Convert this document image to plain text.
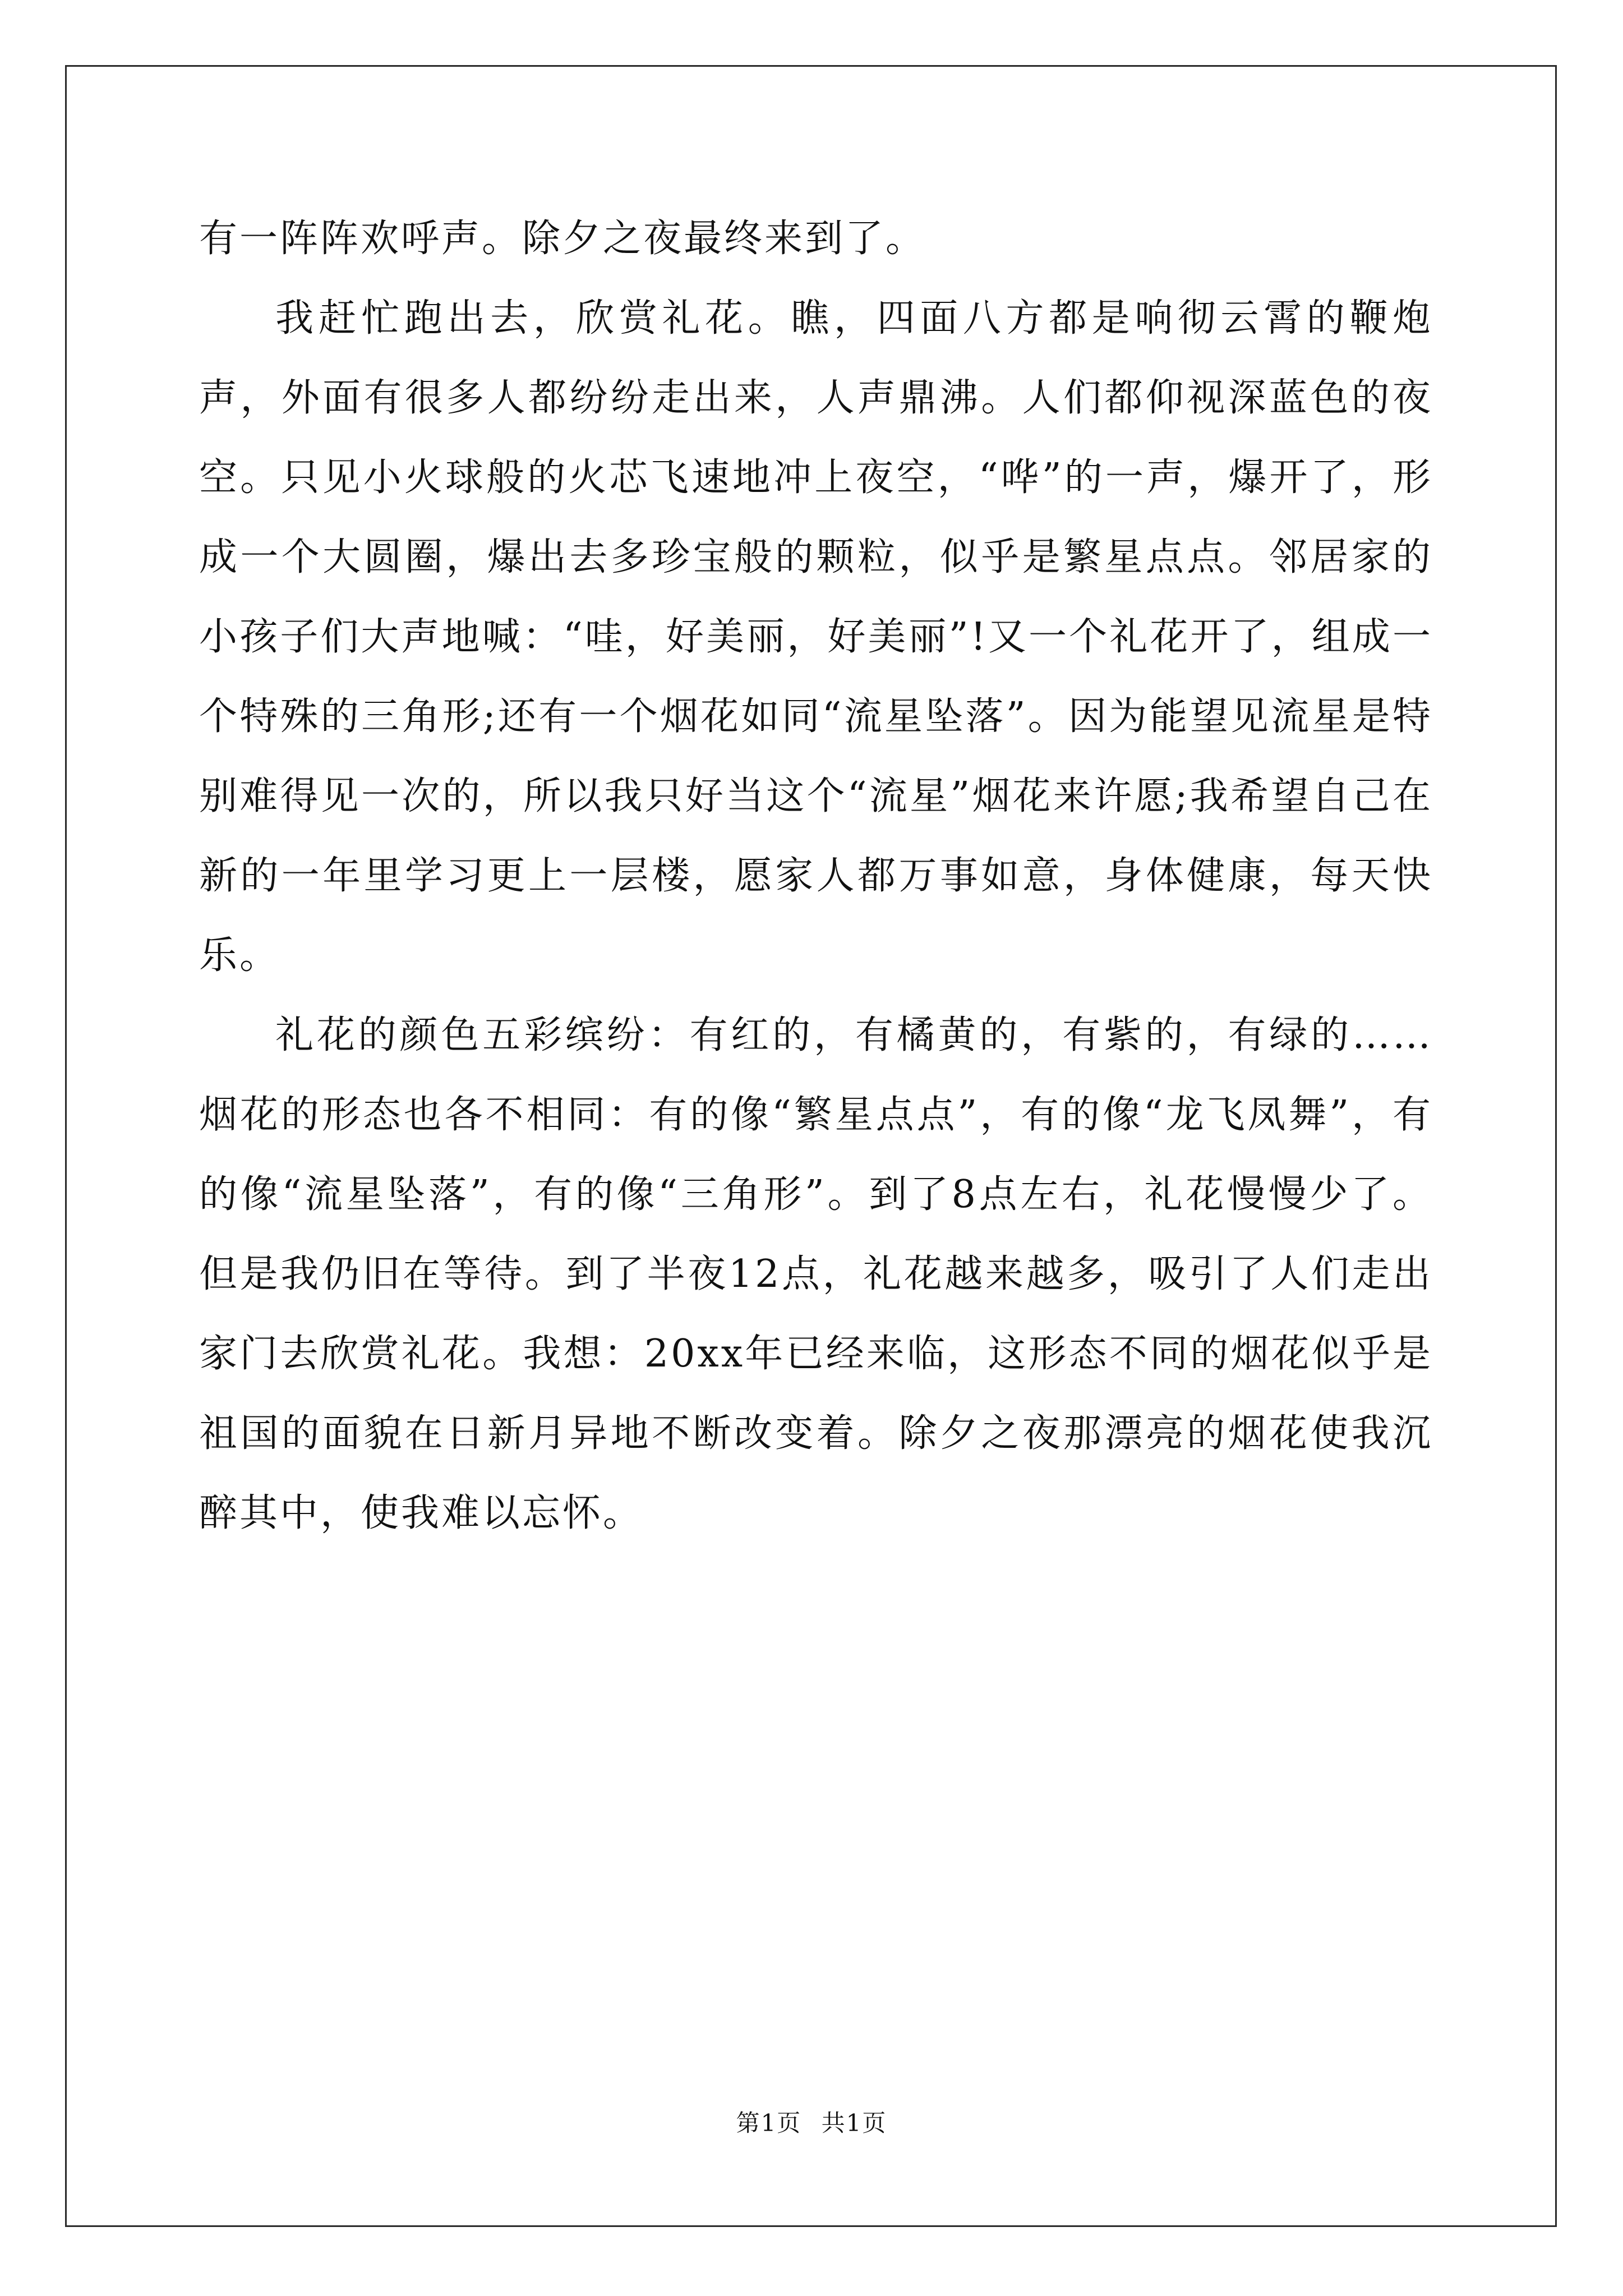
有一阵阵欢呼声。除夕之夜最终来到了。

我赶忙跑出去，欣赏礼花。瞧，四面八方都是响彻云霄的鞭炮声，外面有很多人都纷纷走出来，人声鼎沸。人们都仰视深蓝色的夜空。只见小火球般的火芯飞速地冲上夜空，“哗”的一声，爆开了，形成一个大圆圈，爆出去多珍宝般的颗粒，似乎是繁星点点。邻居家的小孩子们大声地喊：“哇，好美丽，好美丽”!又一个礼花开了，组成一个特殊的三角形;还有一个烟花如同“流星坠落”。因为能望见流星是特别难得见一次的，所以我只好当这个“流星”烟花来许愿;我希望自己在新的一年里学习更上一层楼，愿家人都万事如意，身体健康，每天快乐。

礼花的颜色五彩缤纷：有红的，有橘黄的，有紫的，有绿的……烟花的形态也各不相同：有的像“繁星点点”，有的像“龙飞凤舞”，有的像“流星坠落”，有的像“三角形”。到了8点左右，礼花慢慢少了。但是我仍旧在等待。到了半夜12点，礼花越来越多，吸引了人们走出家门去欣赏礼花。我想：20xx年已经来临，这形态不同的烟花似乎是祖国的面貌在日新月异地不断改变着。除夕之夜那漂亮的烟花使我沉醉其中，使我难以忘怀。

第1页 共1页
